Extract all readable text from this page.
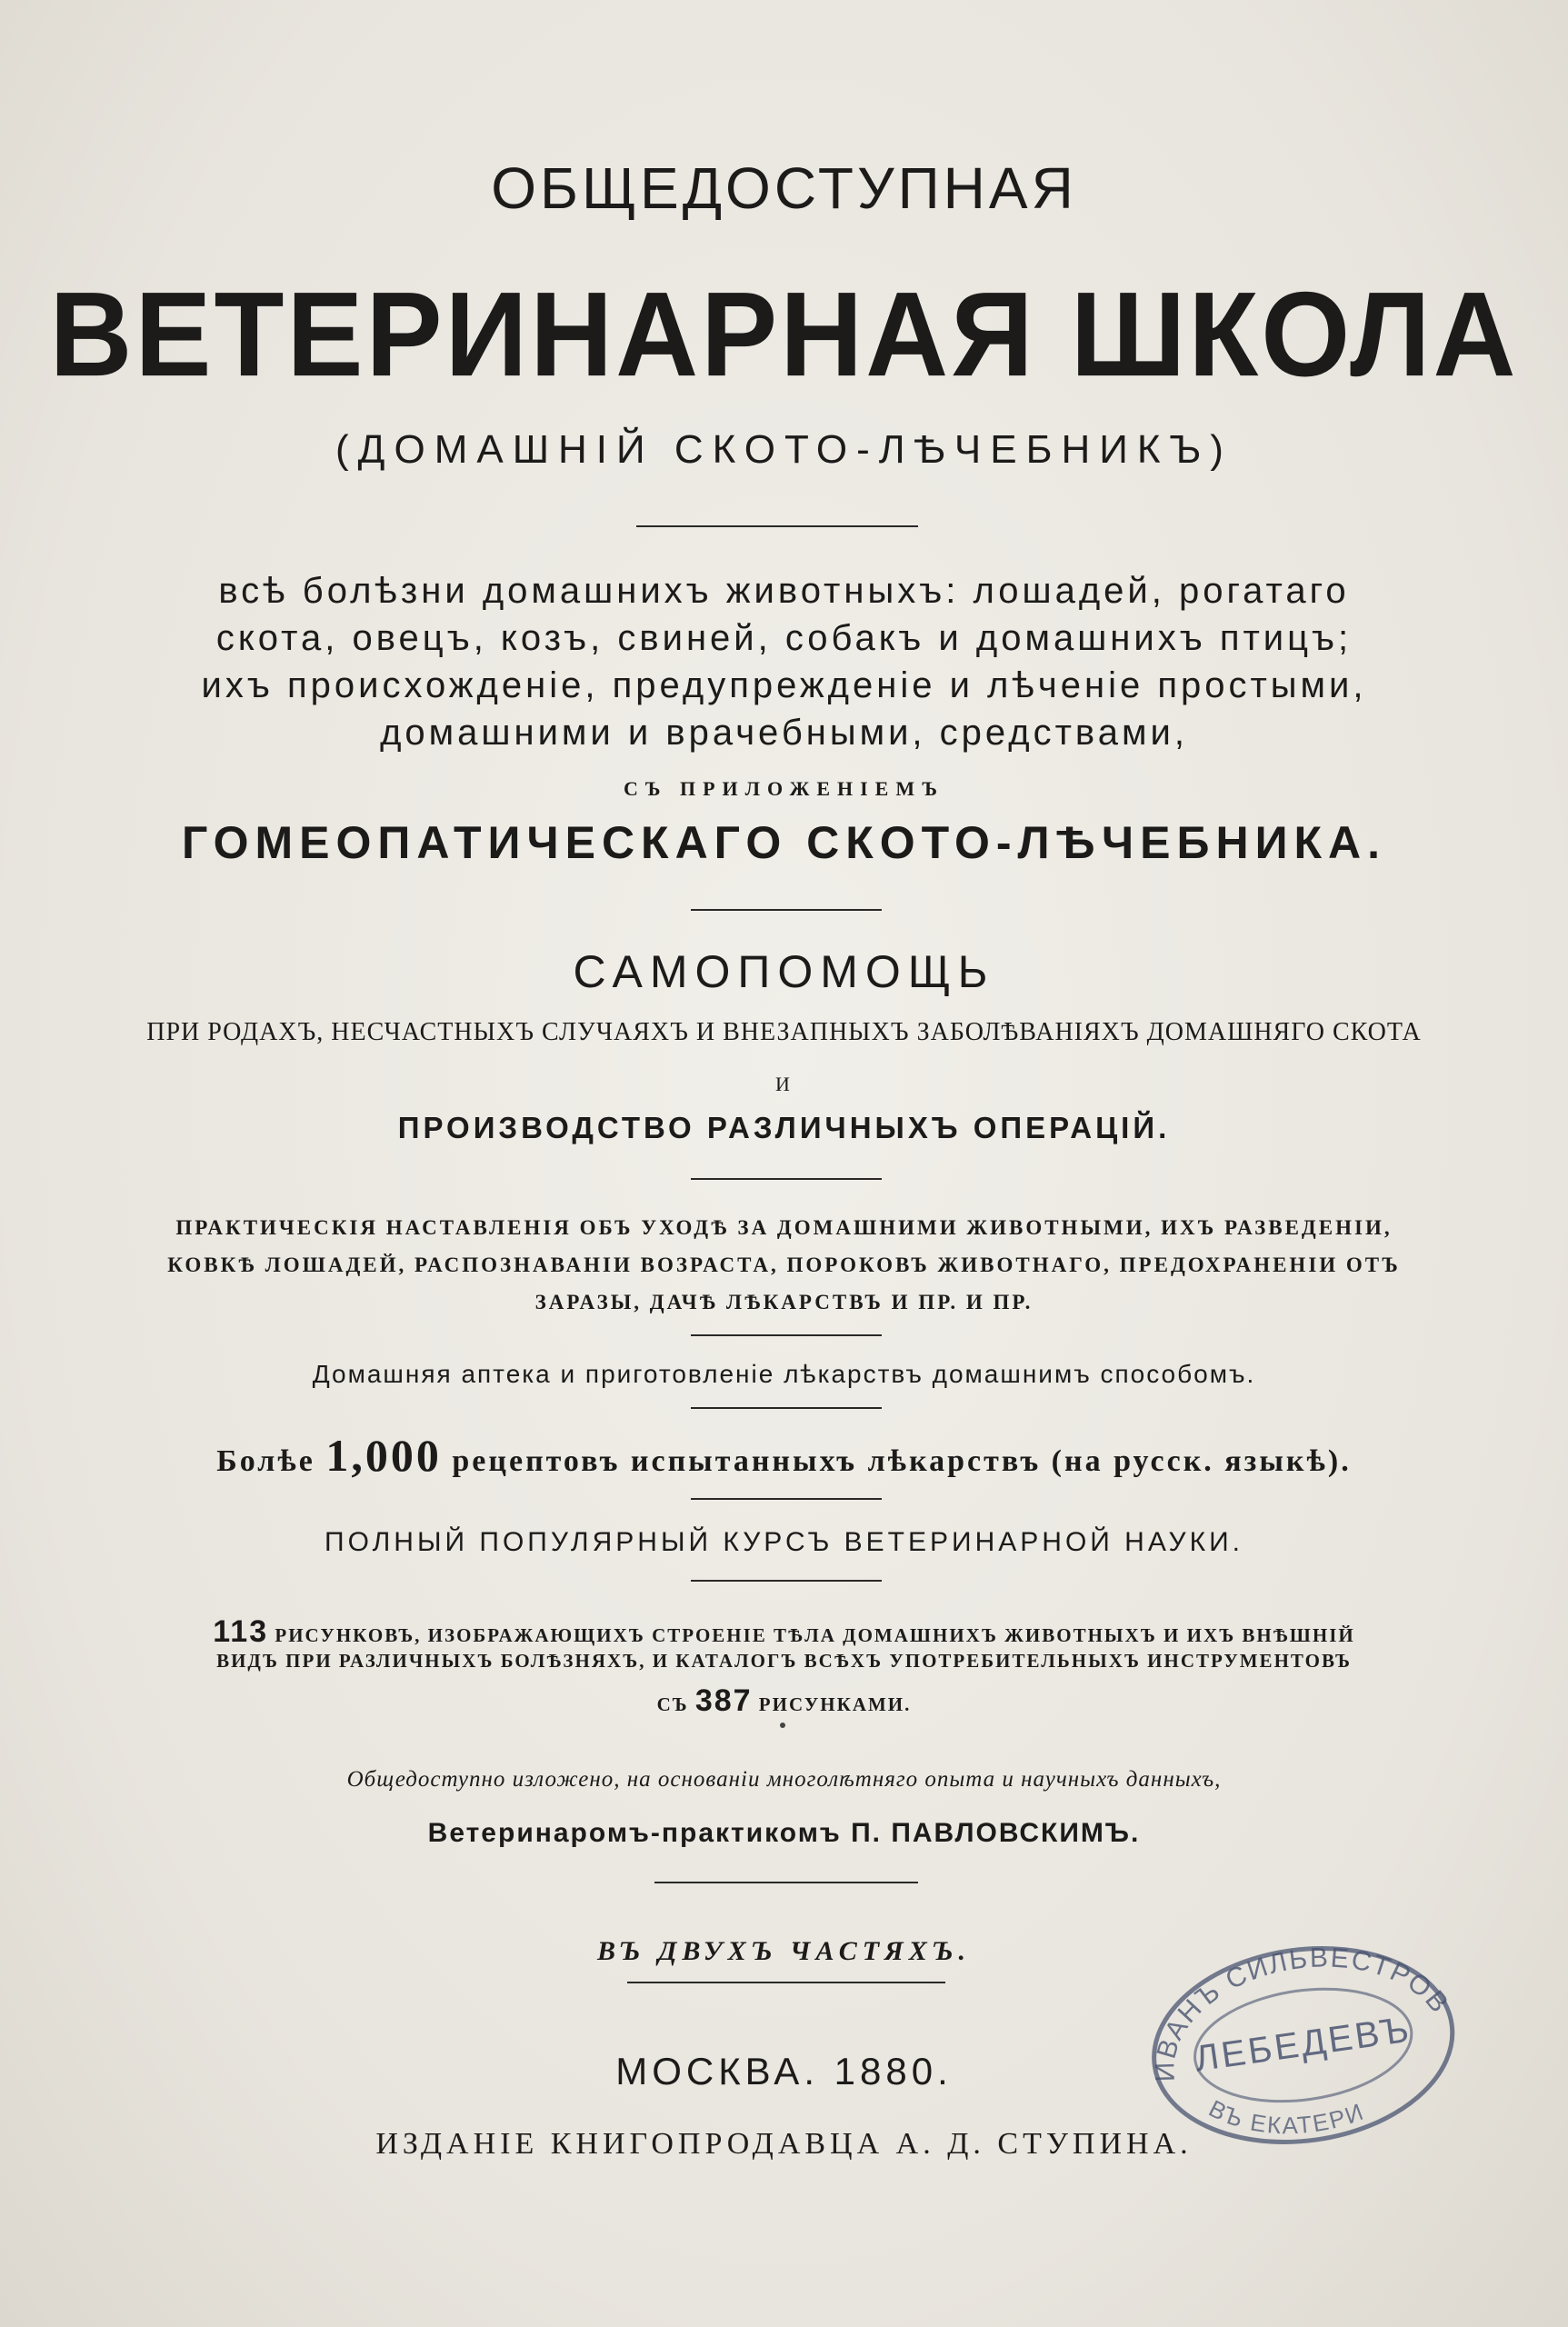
ОБЩЕДОСТУПНАЯ
ВЕТЕРИНАРНАЯ ШКОЛА
(ДОМАШНІЙ СКОТО-ЛѢЧЕБНИКЪ)
всѣ болѣзни домашнихъ животныхъ: лошадей, рогатаго
скота, овецъ, козъ, свиней, собакъ и домашнихъ птицъ;
ихъ происхожденіе, предупрежденіе и лѣченіе простыми,
домашними и врачебными, средствами,
СЪ ПРИЛОЖЕНІЕМЪ
ГОМЕОПАТИЧЕСКАГО СКОТО-ЛѢЧЕБНИКА.
САМОПОМОЩЬ
ПРИ РОДАХЪ, НЕСЧАСТНЫХЪ СЛУЧАЯХЪ И ВНЕЗАПНЫХЪ ЗАБОЛѢВАНІЯХЪ ДОМАШНЯГО СКОТА
И
ПРОИЗВОДСТВО РАЗЛИЧНЫХЪ ОПЕРАЦІЙ.
ПРАКТИЧЕСКІЯ НАСТАВЛЕНІЯ ОБЪ УХОДѢ ЗА ДОМАШНИМИ ЖИВОТНЫМИ, ИХЪ РАЗВЕДЕНІИ,
КОВКѢ ЛОШАДЕЙ, РАСПОЗНАВАНІИ ВОЗРАСТА, ПОРОКОВЪ ЖИВОТНАГО, ПРЕДОХРАНЕНІИ ОТЪ
ЗАРАЗЫ, ДАЧѢ ЛѢКАРСТВЪ И ПР. И ПР.
Домашняя аптека и приготовленіе лѣкарствъ домашнимъ способомъ.
Болѣе 1,000 рецептовъ испытанныхъ лѣкарствъ (на русск. языкѣ).
ПОЛНЫЙ ПОПУЛЯРНЫЙ КУРСЪ ВЕТЕРИНАРНОЙ НАУКИ.
113 РИСУНКОВЪ, ИЗОБРАЖАЮЩИХЪ СТРОЕНІЕ ТѢЛА ДОМАШНИХЪ ЖИВОТНЫХЪ И ИХЪ ВНѢШНІЙ
ВИДЪ ПРИ РАЗЛИЧНЫХЪ БОЛѢЗНЯХЪ, И КАТАЛОГЪ ВСѢХЪ УПОТРЕБИТЕЛЬНЫХЪ ИНСТРУМЕНТОВЪ
СЪ 387 РИСУНКАМИ.
Общедоступно изложено, на основаніи многолѣтняго опыта и научныхъ данныхъ,
Ветеринаромъ-практикомъ П. ПАВЛОВСКИМЪ.
ВЪ ДВУХЪ ЧАСТЯХЪ.
МОСКВА. 1880.
ИЗДАНІЕ КНИГОПРОДАВЦА А. Д. СТУПИНА.
ИВАНЪ СИЛЬВЕСТРОВ
ЛЕБЕДЕВЪ
ВЪ ЕКАТЕРИ
